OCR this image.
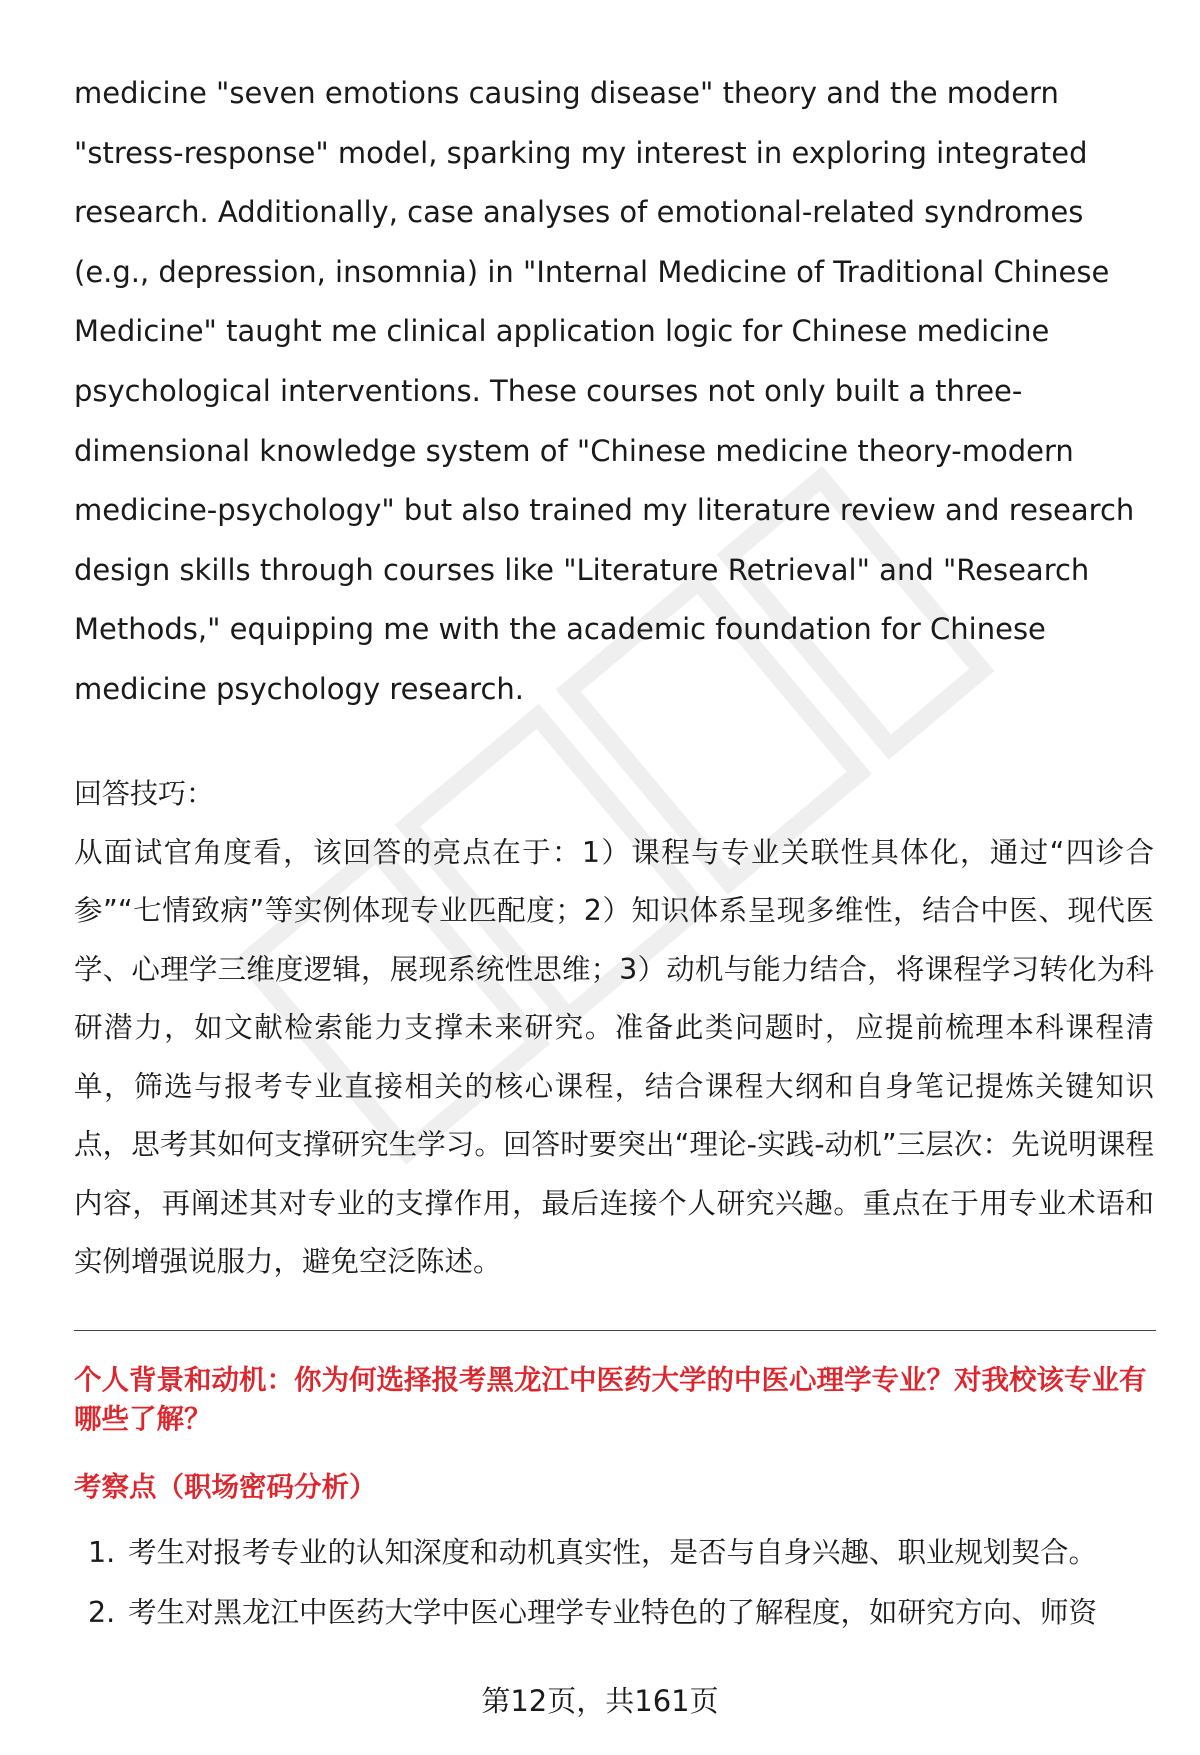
medicine "seven emotions causing disease" theory and the modern "stress-response" model, sparking my interest in exploring integrated research. Additionally, case analyses of emotional-related syndromes (e.g., depression, insomnia) in "Internal Medicine of Traditional Chinese Medicine" taught me clinical application logic for Chinese medicine psychological interventions. These courses not only built a three-dimensional knowledge system of "Chinese medicine theory-modern medicine-psychology" but also trained my literature review and research design skills through courses like "Literature Retrieval" and "Research Methods," equipping me with the academic foundation for Chinese medicine psychology research.

回答技巧：

从面试官角度看，该回答的亮点在于：1）课程与专业关联性具体化，通过“四诊合参”“七情致病”等实例体现专业匹配度；2）知识体系呈现多维性，结合中医、现代医学、心理学三维度逻辑，展现系统性思维；3）动机与能力结合，将课程学习转化为科研潜力，如文献检索能力支撑未来研究。准备此类问题时，应提前梳理本科课程清单，筛选与报考专业直接相关的核心课程，结合课程大纲和自身笔记提炼关键知识点，思考其如何支撑研究生学习。回答时要突出“理论-实践-动机”三层次：先说明课程内容，再阐述其对专业的支撑作用，最后连接个人研究兴趣。重点在于用专业术语和实例增强说服力，避免空泛陈述。

个人背景和动机：你为何选择报考黑龙江中医药大学的中医心理学专业？对我校该专业有哪些了解？
考察点（职场密码分析）
1. 考生对报考专业的认知深度和动机真实性，是否与自身兴趣、职业规划契合。
2. 考生对黑龙江中医药大学中医心理学专业特色的了解程度，如研究方向、师资
第12页，共161页
